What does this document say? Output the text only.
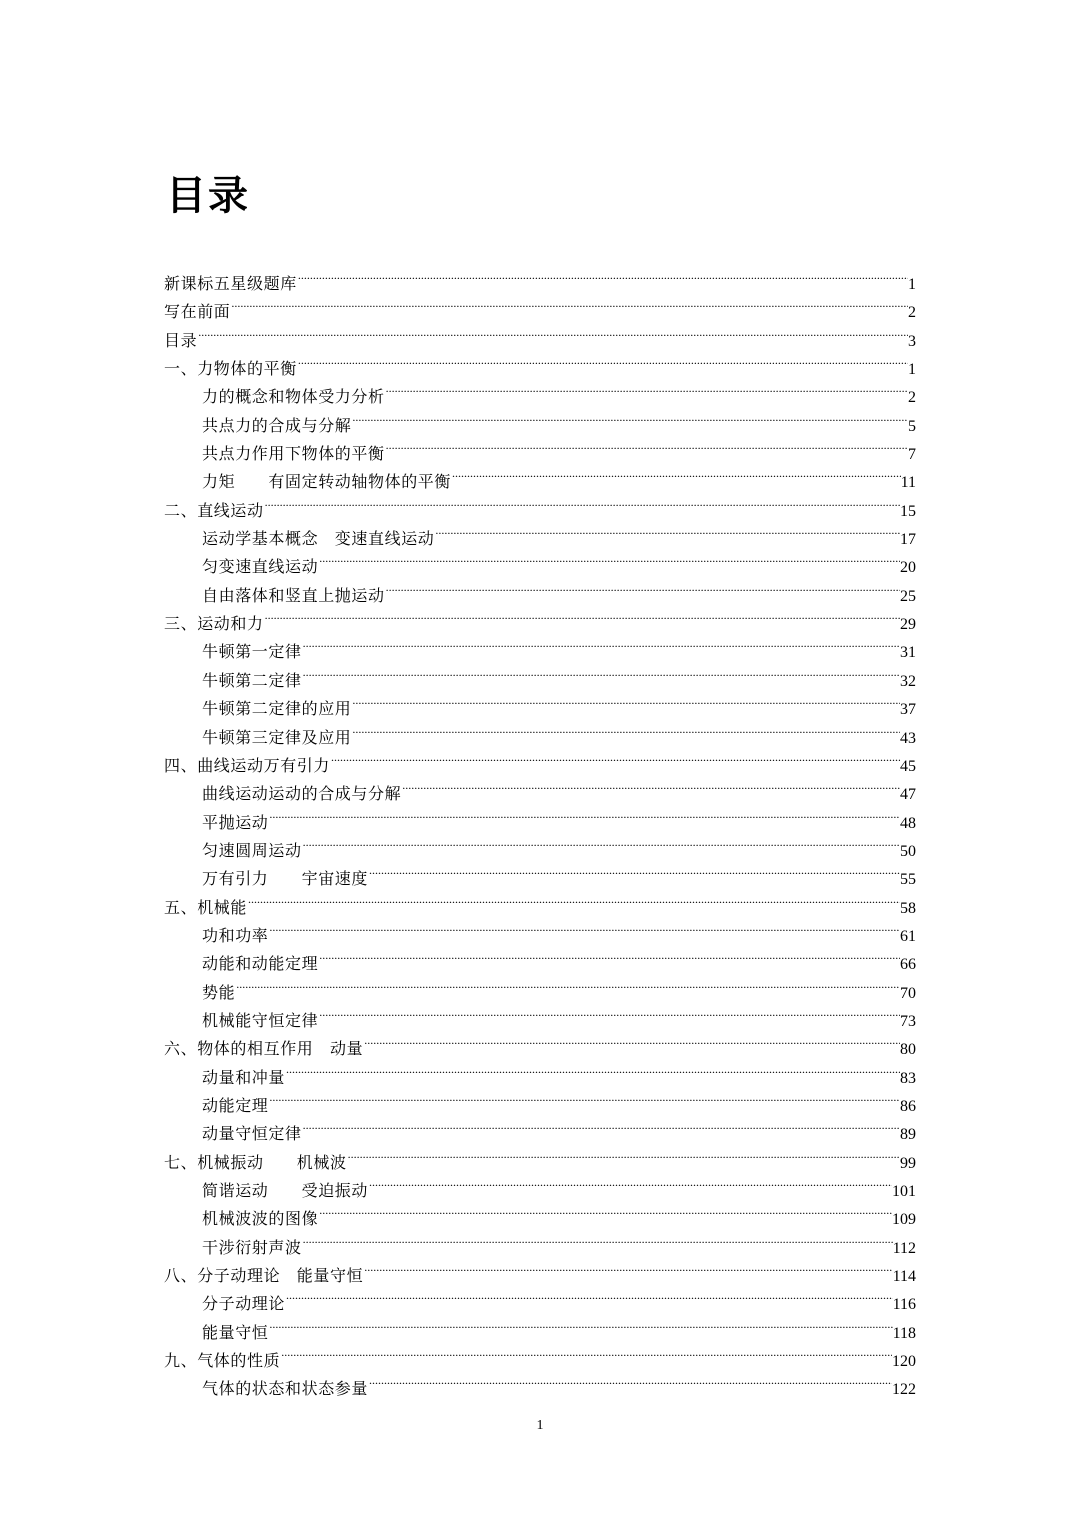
目录
新课标五星级题库 .....	1
写在前面 .....	2
目录 .....	3
一、力物体的平衡 .....	1
力的概念和物体受力分析 .....	2
共点力的合成与分解 .....	5
共点力作用下物体的平衡 .....	7
力矩　　有固定转动轴物体的平衡 .....	11
二、直线运动 .....	15
运动学基本概念　变速直线运动 .....	17
匀变速直线运动 .....	20
自由落体和竖直上抛运动 .....	25
三、运动和力 .....	29
牛顿第一定律 .....	31
牛顿第二定律 .....	32
牛顿第二定律的应用 .....	37
牛顿第三定律及应用 .....	43
四、曲线运动万有引力 .....	45
曲线运动运动的合成与分解 .....	47
平抛运动 .....	48
匀速圆周运动 .....	50
万有引力　　宇宙速度 .....	55
五、机械能 .....	58
功和功率 .....	61
动能和动能定理 .....	66
势能 .....	70
机械能守恒定律 .....	73
六、物体的相互作用　动量 .....	80
动量和冲量 .....	83
动能定理 .....	86
动量守恒定律 .....	89
七、机械振动　　机械波 .....	99
简谐运动　　受迫振动 .....	101
机械波波的图像 .....	109
干涉衍射声波 .....	112
八、分子动理论　能量守恒 .....	114
分子动理论 .....	116
能量守恒 .....	118
九、气体的性质 .....	120
气体的状态和状态参量 .....	122
1
